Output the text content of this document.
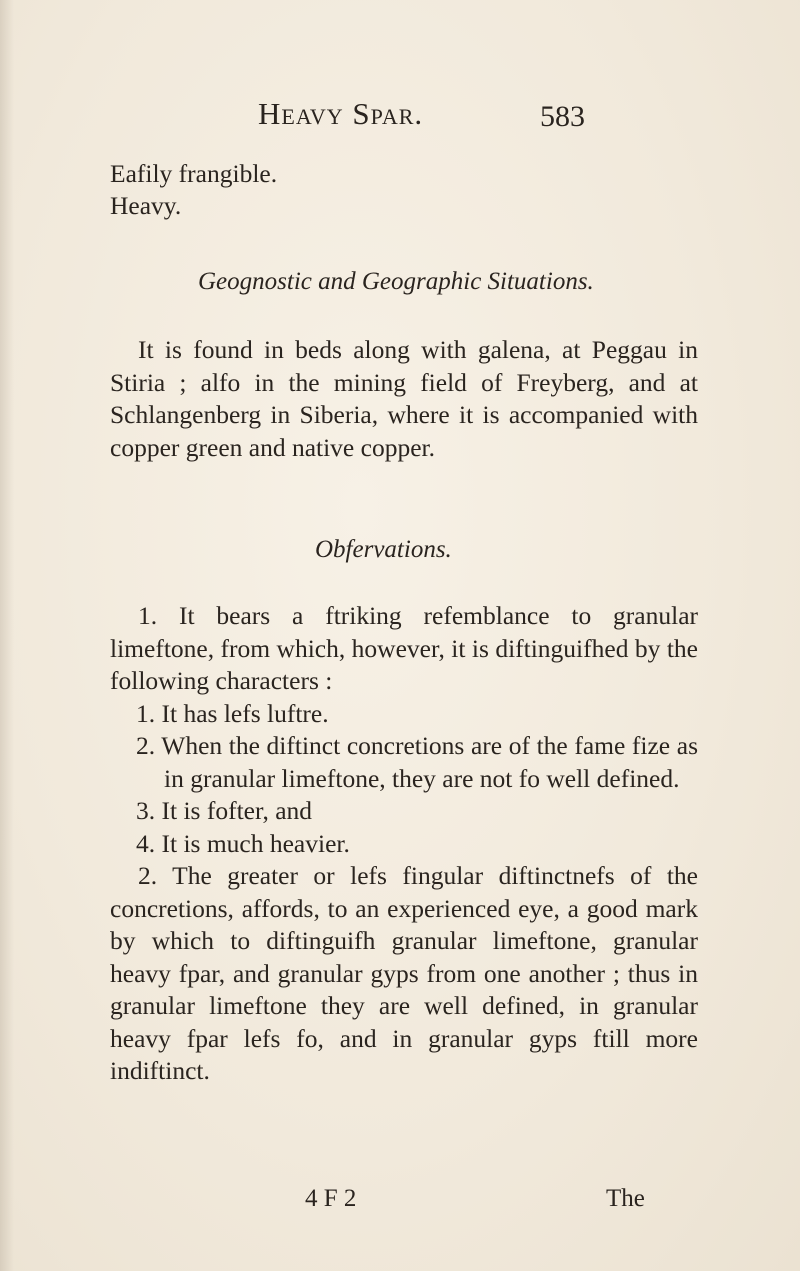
Heavy Spar.	583
Eafily frangible.
Heavy.
Geognostic and Geographic Situations.

It is found in beds along with galena, at Peggau in Stiria ; alfo in the mining field of Freyberg, and at Schlangenberg in Siberia, where it is accompanied with copper green and native copper.

Obfervations.

1. It bears a ftriking refemblance to granular limeftone, from which, however, it is diftinguifhed by the following characters :

1. It has lefs luftre.

2. When the diftinct concretions are of the fame fize as in granular limeftone, they are not fo well defined.

3. It is fofter, and

4. It is much heavier.

2. The greater or lefs fingular diftinctnefs of the concretions, affords, to an experienced eye, a good mark by which to diftinguifh granular limeftone, granular heavy fpar, and granular gyps from one another ; thus in granular limeftone they are well defined, in granular heavy fpar lefs fo, and in granular gyps ftill more indiftinct.

4 F 2	The
